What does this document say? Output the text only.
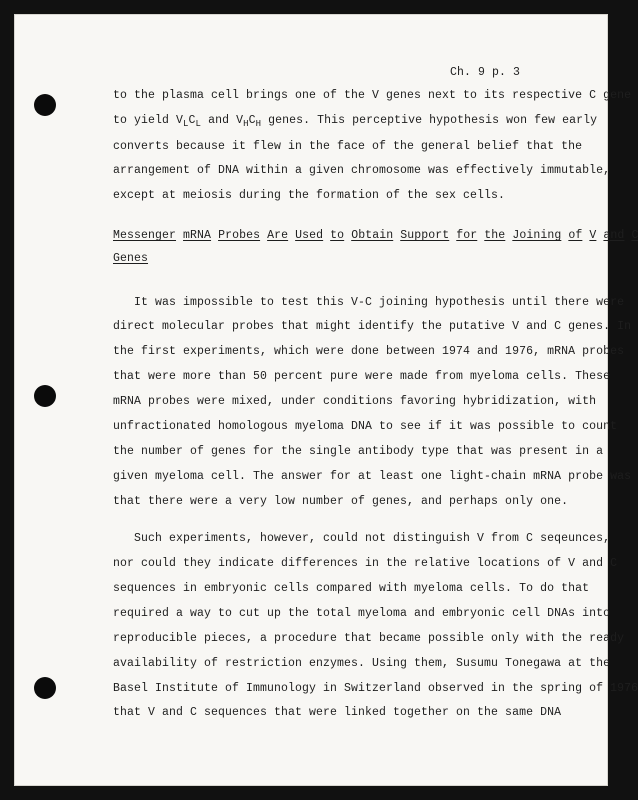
Ch. 9 p. 3
to the plasma cell brings one of the V genes next to its respective C gene
to yield $V_LC_L$ and $V_HC_H$ genes. This perceptive hypothesis won few early
converts because it flew in the face of the general belief that the
arrangement of DNA within a given chromosome was effectively immutable,
except at meiosis during the formation of the sex cells.
Messenger mRNA Probes Are Used to Obtain Support for the Joining of V and C
Genes
It was impossible to test this V-C joining hypothesis until there were
direct molecular probes that might identify the putative V and C genes. In
the first experiments, which were done between 1974 and 1976, mRNA probes
that were more than 50 percent pure were made from myeloma cells. These
mRNA probes were mixed, under conditions favoring hybridization, with
unfractionated homologous myeloma DNA to see if it was possible to count
the number of genes for the single antibody type that was present in a
given myeloma cell. The answer for at least one light-chain mRNA probe was
that there were a very low number of genes, and perhaps only one.
Such experiments, however, could not distinguish V from C seqeunces,
nor could they indicate differences in the relative locations of V and C
sequences in embryonic cells compared with myeloma cells. To do that
required a way to cut up the total myeloma and embryonic cell DNAs into
reproducible pieces, a procedure that became possible only with the ready
availability of restriction enzymes. Using them, Susumu Tonegawa at the
Basel Institute of Immunology in Switzerland observed in the spring of 1976
that V and C sequences that were linked together on the same DNA
